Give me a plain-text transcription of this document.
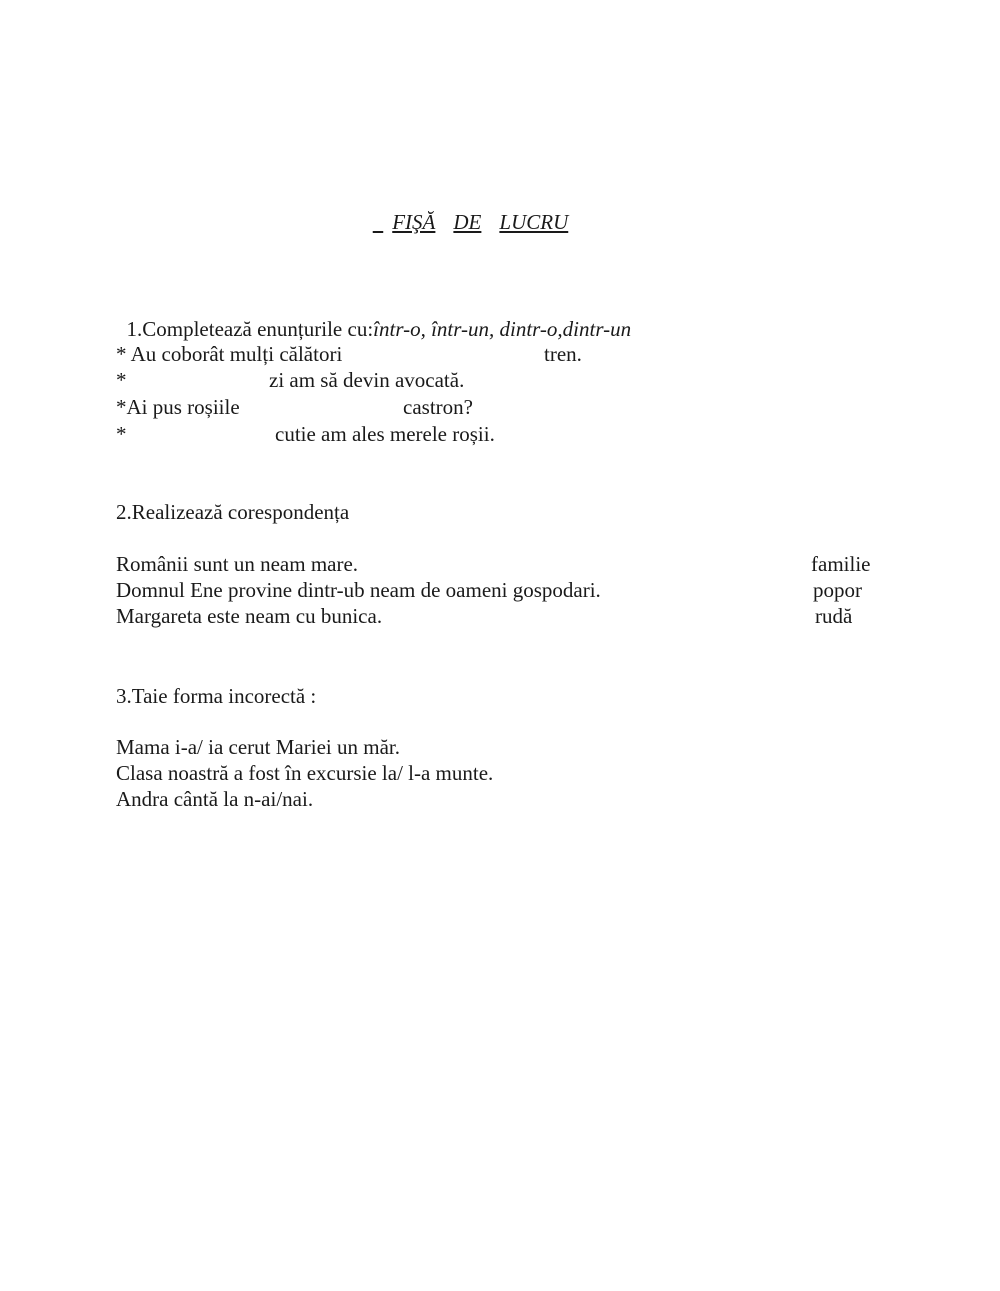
FIŞĂ DE LUCRU

1.Completează enunțurile cu:într-o, într-un, dintr-o,dintr-un

* Au coborât mulți călători	tren.
*	zi am să devin avocată.
*Ai pus roșiile	castron?
*	cutie am ales merele roșii.
2.Realizează corespondența
Românii sunt un neam mare.	familie
Domnul Ene provine dintr-ub neam de oameni gospodari.	popor
Margareta este neam cu bunica.	rudă
3.Taie forma incorectă :
Mama i-a/ ia cerut Mariei un măr.
Clasa noastră a fost în excursie la/ l-a munte.
Andra cântă la n-ai/nai.
